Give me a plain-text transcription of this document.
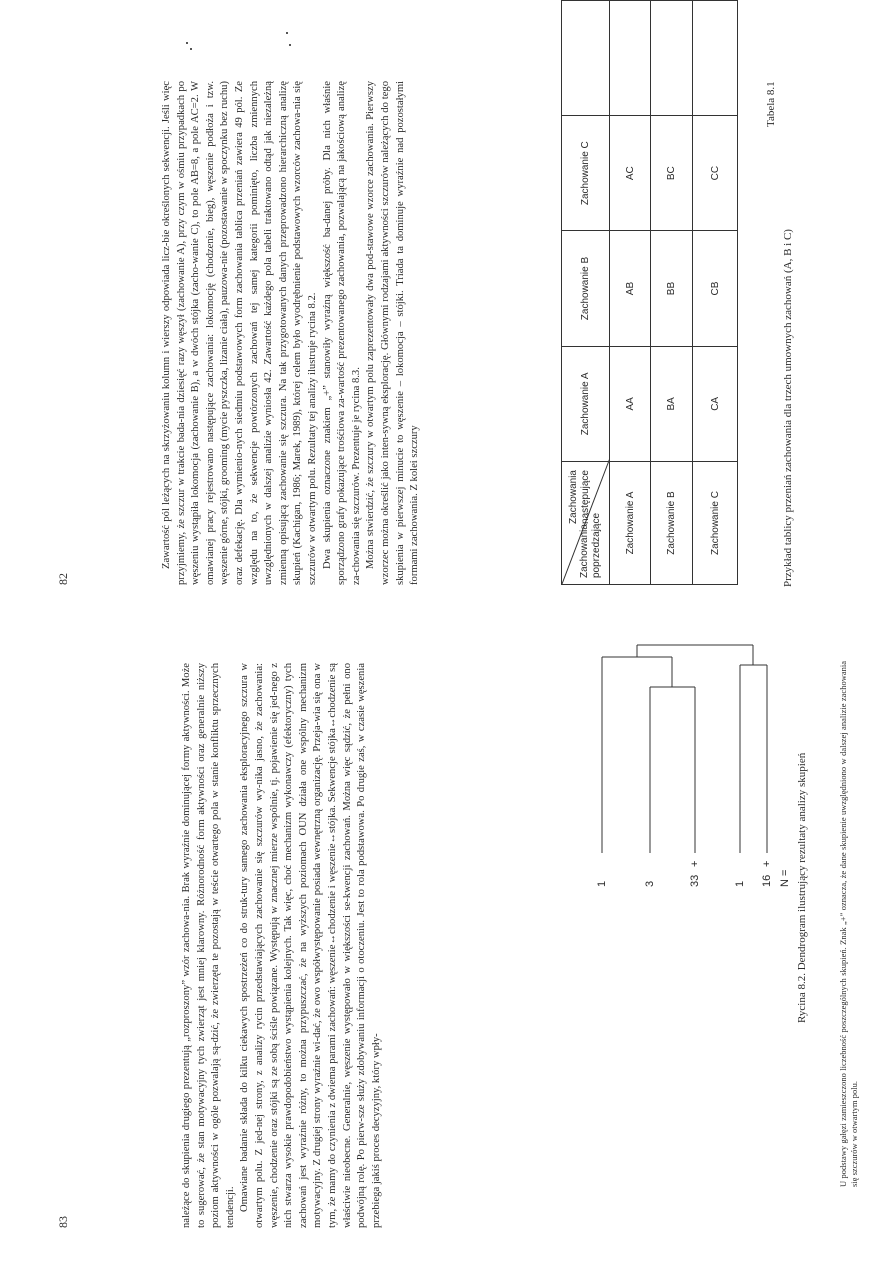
82
Tabela 8.1
Przykład tablicy przeniań zachowania dla trzech umownych zachowań (A, B i C)
Zachowania następujące
Zachowania poprzedzające	Zachowanie A	Zachowanie B	Zachowanie C	
Zachowanie A	AA	AB	AC	
Zachowanie B	BA	BB	BC	
Zachowanie C	CA	CB	CC	

Zawartość pól leżących na skrzyżowaniu kolumn i wierszy odpowiada licz-bie określonych sekwencji. Jeśli więc przyjmiemy, że szczur w trakcie bada-nia dziesięć razy węszył (zachowanie A), przy czym w ośmiu przypadkach po węszeniu wystąpiła lokomocja (zachowanie B), a w dwóch stójka (zacho-wanie C), to pole AB=8, a pole AC=2. W omawianej pracy rejestrowano następujące zachowania: lokomocję (chodzenie, bieg), węszenie podłoża i tzw. węszenie górne, stójki, grooming (mycie pyszczka, lizanie ciała), pauzowa-nie (pozostawanie w spoczynku bez ruchu) oraz defekację. Dla wymienio-nych siedmiu podstawowych form zachowania tablica przeniań zawiera 49 pól. Ze względu na to, że sekwencje powtórzonych zachowań tej samej kategorii pominięto, liczba zmiennych uwzględnionych w dalszej analizie wyniosła 42. Zawartość każdego pola tabeli traktowano odtąd jak niezależną zmienną opisującą zachowanie się szczura. Na tak przygotowanych danych przeprowadzono hierarchiczną analizę skupień (Kachigan, 1986; Marek, 1989), której celem było wyodrębnienie podstawowych wzorców zachowa-nia się szczurów w otwartym polu. Rezultaty tej analizy ilustruje rycina 8.2. Dwa skupienia oznaczone znakiem „+” stanowiły wyraźną większość ba-danej próby. Dla nich właśnie sporządzono grafy pokazujące trośćiowa za-wartość prezentowanego zachowania, pozwalającą na jakościową analizę za-chowania się szczurów. Prezentuje je rycina 8.3. Można stwierdzić, że szczury w otwartym polu zaprezentowały dwa pod-stawowe wzorce zachowania. Pierwszy wzorzec można określić jako inten-sywną eksplorację. Głównymi rodzajami aktywności szczurów należących do tego skupienia w pierwszej minucie to węszenie – lokomocja – stójki. Triada ta dominuje wyraźnie nad pozostałymi formami zachowania. Z kolei szczury

83
N =
+
+
16
1
33
3
1	U podstawy gałęzi zamieszczono liczebność poszczególnych skupień. Znak „+” oznacza, że dane skupienie uwzględniono w dalszej analizie zachowania się szczurów w otwartym polu.
Rycina 8.2. Dendrogram ilustrujący rezultaty analizy skupień

należące do skupienia drugiego prezentują „rozproszony” wzór zachowa-nia. Brak wyraźnie dominującej formy aktywności. Może to sugerować, że stan motywacyjny tych zwierząt jest mniej klarowny. Różnorodność form aktywności oraz generalnie niższy poziom aktywności w ogóle pozwalają są-dzić, że zwierzęta te pozostają w teście otwartego pola w stanie konfliktu sprzecznych tendencji. Omawiane badanie składa do kilku ciekawych spostrzeżeń co do struk-tury samego zachowania eksploracyjnego szczura w otwartym polu. Z jed-nej strony, z analizy rycin przedstawiających zachowanie się szczurów wy-nika jasno, że zachowania: węszenie, chodzenie oraz stójki są ze sobą ściśle powiązane. Występują w znacznej mierze wspólnie, tj. pojawienie się jed-nego z nich stwarza wysokie prawdopodobieństwo wystąpienia kolejnych. Tak więc, choć mechanizm wykonawczy (efektoryczny) tych zachowań jest wyraźnie różny, to można przypuszczać, że na wyższych poziomach OUN działa one wspólny mechanizm motywacyjny. Z drugiej strony wyraźnie wi-dać, że owo współwystępowanie posiada wewnętrzną organizację. Przeja-wia się ona w tym, że mamy do czynienia z dwiema parami zachowań: węszenie↔chodzenie i węszenie↔stójka. Sekwencje stójka↔chodzenie są właściwie nieobecne. Generalnie, węszenie występowało w większości se-kwencji zachowań. Można więc sądzić, że pełni ono podwójną rolę. Po pierw-sze służy zdobywaniu informacji o otoczeniu. Jest to rola podstawowa. Po drugie zaś, w czasie węszenia przebiega jakiś proces decyzyjny, który wpły-
